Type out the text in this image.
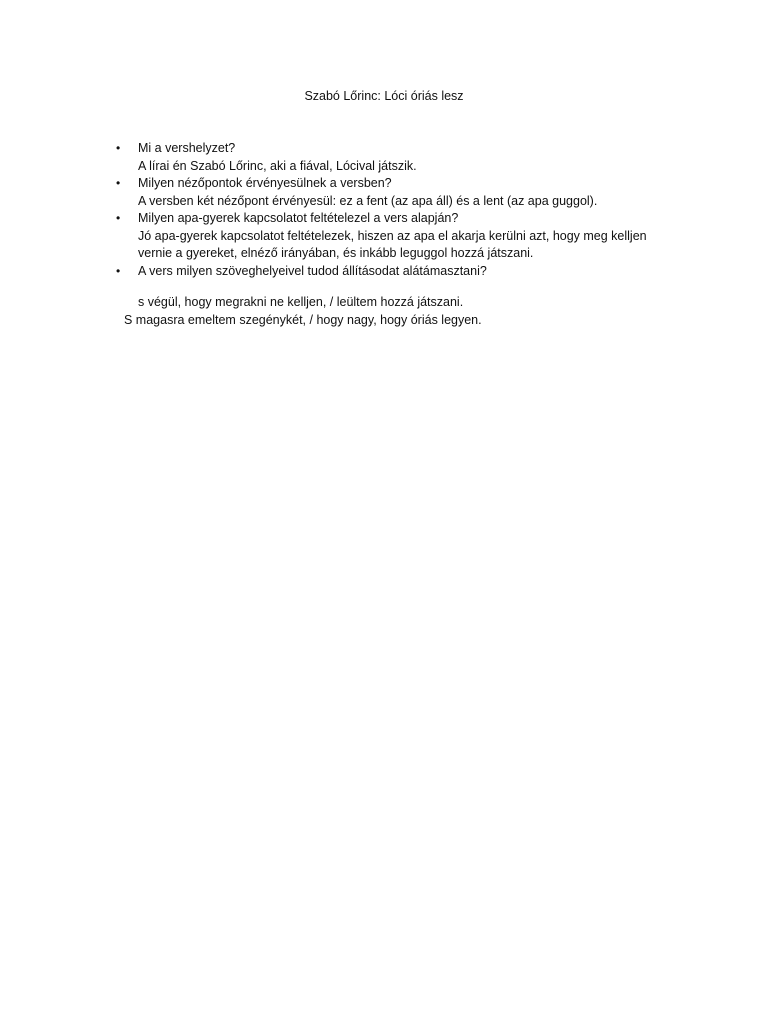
Szabó Lőrinc: Lóci óriás lesz
• Mi a vershelyzet?
A lírai én Szabó Lőrinc, aki a fiával, Lócival játszik.
• Milyen nézőpontok érvényesülnek a versben?
A versben két nézőpont érvényesül: ez a fent (az apa áll) és a lent (az apa guggol).
• Milyen apa-gyerek kapcsolatot feltételezel a vers alapján?
Jó apa-gyerek kapcsolatot feltételezek, hiszen az apa el akarja kerülni azt, hogy meg kelljen
vernie a gyereket, elnéző irányában, és inkább leguggol hozzá játszani.
• A vers milyen szöveghelyeivel tudod állításodat alátámasztani?
s végül, hogy megrakni ne kelljen, / leültem hozzá játszani.
S magasra emeltem szegénykét, / hogy nagy, hogy óriás legyen.
